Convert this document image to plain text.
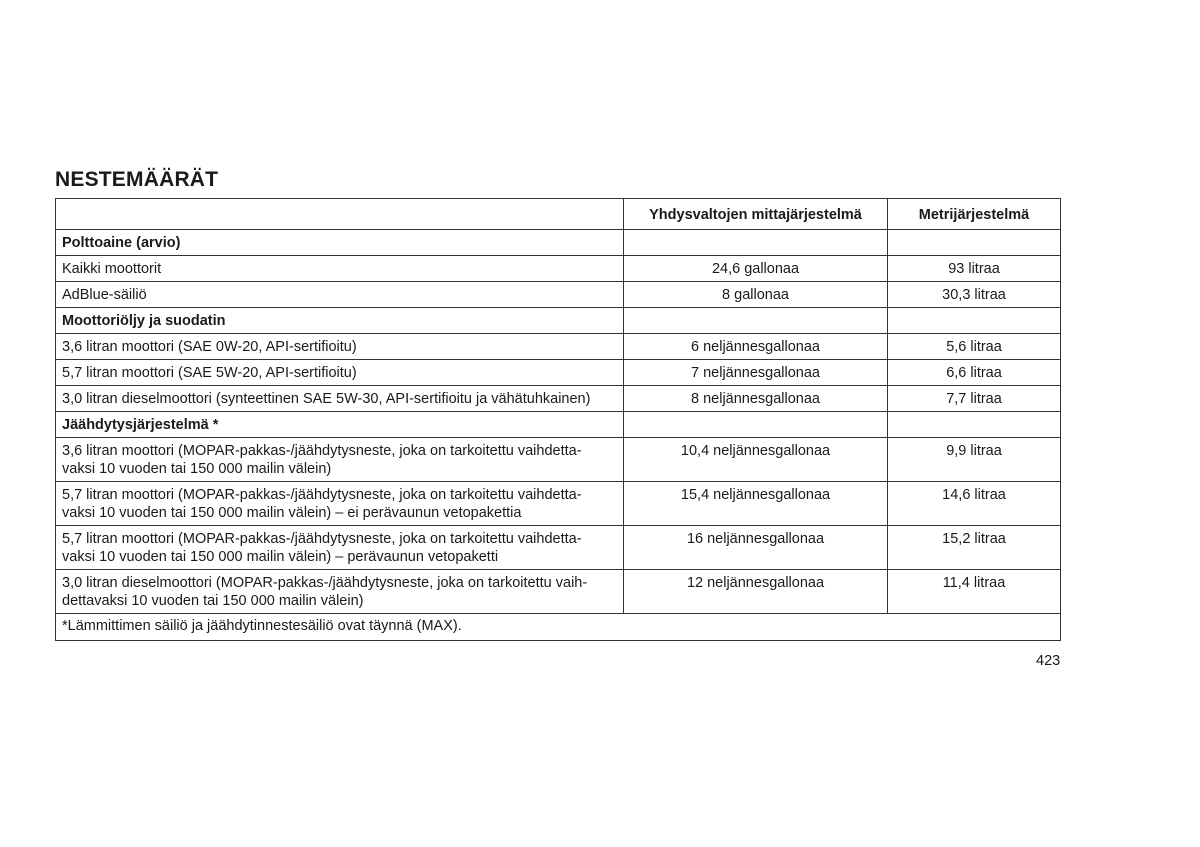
NESTEMÄÄRÄT
	Yhdysvaltojen mittajärjestelmä	Metrijärjestelmä
Polttoaine (arvio)		
Kaikki moottorit	24,6 gallonaa	93 litraa
AdBlue-säiliö	8 gallonaa	30,3 litraa
Moottoriöljy ja suodatin		
3,6 litran moottori (SAE 0W-20, API-sertifioitu)	6 neljännesgallonaa	5,6 litraa
5,7 litran moottori (SAE 5W-20, API-sertifioitu)	7 neljännesgallonaa	6,6 litraa
3,0 litran dieselmoottori (synteettinen SAE 5W-30, API-sertifioitu ja vähätuhkainen)	8 neljännesgallonaa	7,7 litraa
Jäähdytysjärjestelmä *		
3,6 litran moottori (MOPAR-pakkas-/jäähdytysneste, joka on tarkoitettu vaihdetta-
vaksi 10 vuoden tai 150 000 mailin välein)	10,4 neljännesgallonaa	9,9 litraa
5,7 litran moottori (MOPAR-pakkas-/jäähdytysneste, joka on tarkoitettu vaihdetta-
vaksi 10 vuoden tai 150 000 mailin välein) – ei perävaunun vetopakettia	15,4 neljännesgallonaa	14,6 litraa
5,7 litran moottori (MOPAR-pakkas-/jäähdytysneste, joka on tarkoitettu vaihdetta-
vaksi 10 vuoden tai 150 000 mailin välein) – perävaunun vetopaketti	16 neljännesgallonaa	15,2 litraa
3,0 litran dieselmoottori (MOPAR-pakkas-/jäähdytysneste, joka on tarkoitettu vaih-
dettavaksi 10 vuoden tai 150 000 mailin välein)	12 neljännesgallonaa	11,4 litraa
*Lämmittimen säiliö ja jäähdytinnestesäiliö ovat täynnä (MAX).		
423
